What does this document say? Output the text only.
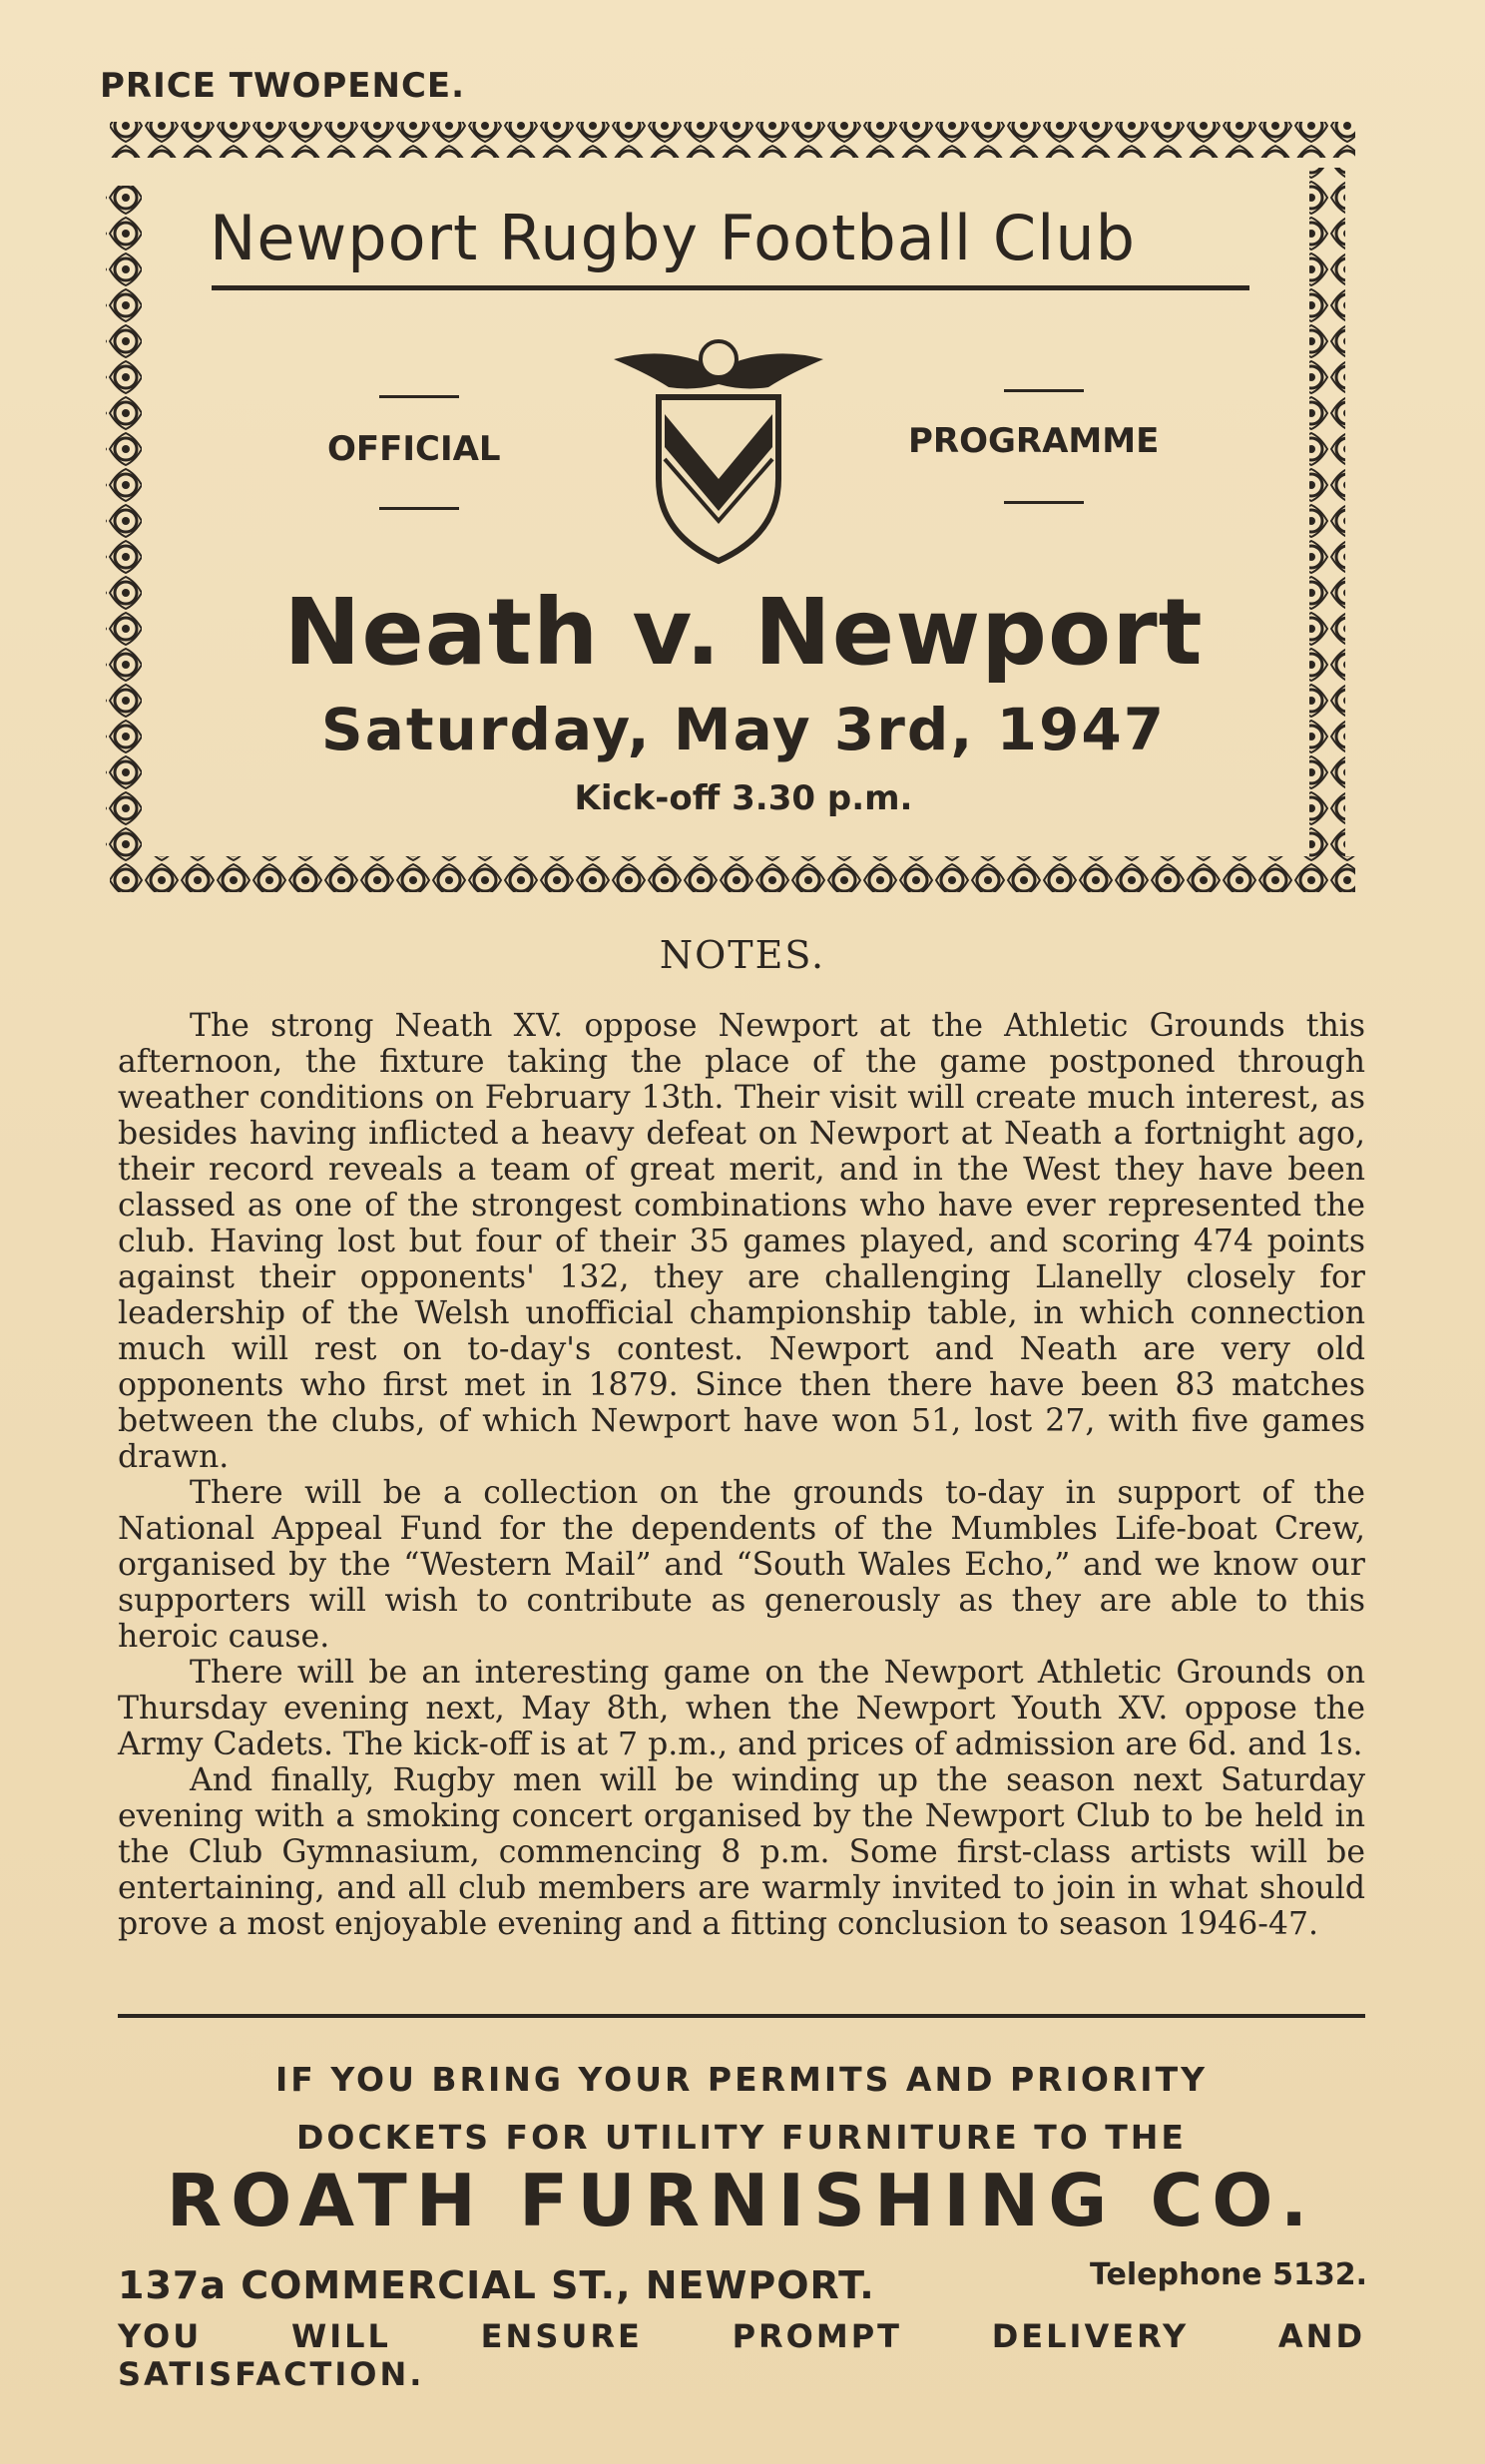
PRICE TWOPENCE.
Newport Rugby Football Club
OFFICIAL	PROGRAMME
Neath v. Newport
Saturday, May 3rd, 1947
Kick-off 3.30 p.m.
NOTES.

The strong Neath XV. oppose Newport at the Athletic Grounds this afternoon, the fixture taking the place of the game postponed through weather conditions on February 13th. Their visit will create much interest, as besides having inflicted a heavy defeat on Newport at Neath a fortnight ago, their record reveals a team of great merit, and in the West they have been classed as one of the strongest combinations who have ever represented the club. Having lost but four of their 35 games played, and scoring 474 points against their opponents' 132, they are challenging Llanelly closely for leadership of the Welsh unofficial championship table, in which connection much will rest on to-day's contest. Newport and Neath are very old opponents who first met in 1879. Since then there have been 83 matches between the clubs, of which Newport have won 51, lost 27, with five games drawn.

There will be a collection on the grounds to-day in support of the National Appeal Fund for the dependents of the Mumbles Life-boat Crew, organised by the “Western Mail” and “South Wales Echo,” and we know our supporters will wish to contribute as generously as they are able to this heroic cause.

There will be an interesting game on the Newport Athletic Grounds on Thursday evening next, May 8th, when the Newport Youth XV. oppose the Army Cadets. The kick-off is at 7 p.m., and prices of admission are 6d. and 1s.

And finally, Rugby men will be winding up the season next Saturday evening with a smoking concert organised by the Newport Club to be held in the Club Gymnasium, commencing 8 p.m. Some first-class artists will be entertaining, and all club members are warmly invited to join in what should prove a most enjoyable evening and a fitting conclusion to season 1946-47.

IF YOU BRING YOUR PERMITS AND PRIORITY
DOCKETS FOR UTILITY FURNITURE TO THE
ROATH FURNISHING CO.
137a COMMERCIAL ST., NEWPORT.	Telephone 5132.
YOU WILL ENSURE PROMPT DELIVERY AND SATISFACTION.
